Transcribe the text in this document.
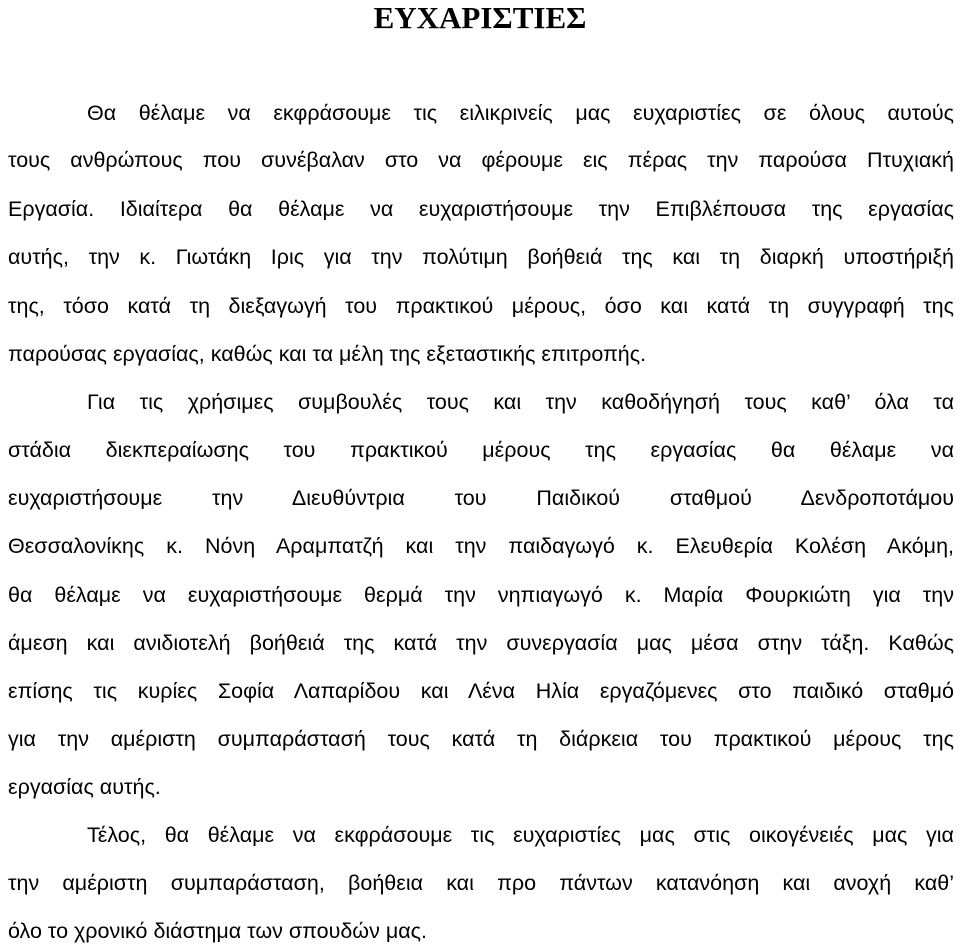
ΕΥΧΑΡΙΣΤΙΕΣ

Θα θέλαμε να εκφράσουμε τις ειλικρινείς μας ευχαριστίες σε όλους αυτούς

τους ανθρώπους που συνέβαλαν στο να φέρουμε εις πέρας την παρούσα Πτυχιακή

Εργασία. Ιδιαίτερα θα θέλαμε να ευχαριστήσουμε την Επιβλέπουσα της εργασίας

αυτής, την κ. Γιωτάκη Ιρις για την πολύτιμη βοήθειά της και τη διαρκή υποστήριξή

της, τόσο κατά τη διεξαγωγή του πρακτικού μέρους, όσο και κατά τη συγγραφή της

παρούσας εργασίας, καθώς και τα μέλη της εξεταστικής επιτροπής.

Για τις χρήσιμες συμβουλές τους και την καθοδήγησή τους καθ’ όλα τα

στάδια διεκπεραίωσης του πρακτικού μέρους της εργασίας θα θέλαμε να

ευχαριστήσουμε την Διευθύντρια του Παιδικού σταθμού Δενδροποτάμου

Θεσσαλονίκης κ. Νόνη Αραμπατζή και την παιδαγωγό κ. Ελευθερία Κολέση Ακόμη,

θα θέλαμε να ευχαριστήσουμε θερμά την νηπιαγωγό κ. Μαρία Φουρκιώτη για την

άμεση και ανιδιοτελή βοήθειά της κατά την συνεργασία μας μέσα στην τάξη. Καθώς

επίσης τις κυρίες Σοφία Λαπαρίδου και Λένα Ηλία εργαζόμενες στο παιδικό σταθμό

για την αμέριστη συμπαράστασή τους κατά τη διάρκεια του πρακτικού μέρους της

εργασίας αυτής.

Τέλος, θα θέλαμε να εκφράσουμε τις ευχαριστίες μας στις οικογένειές μας για

την αμέριστη συμπαράσταση, βοήθεια και προ πάντων κατανόηση και ανοχή καθ’

όλο το χρονικό διάστημα των σπουδών μας.
